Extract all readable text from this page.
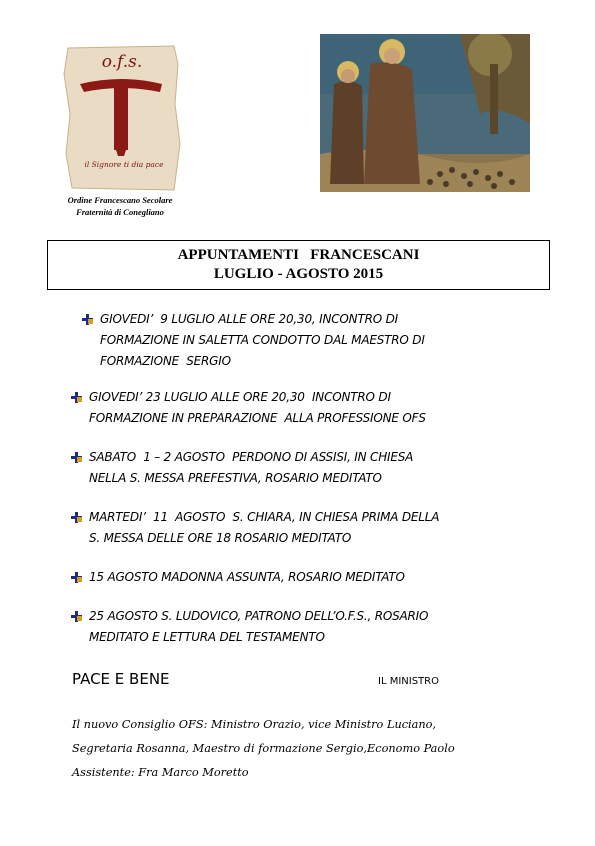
o.f.s.
il Signore ti dia pace
Ordine Francescano Secolare
Fraternità di Conegliano
APPUNTAMENTI   FRANCESCANI
LUGLIO - AGOSTO 2015
GIOVEDI’  9 LUGLIO ALLE ORE 20,30, INCONTRO DI
FORMAZIONE IN SALETTA CONDOTTO DAL MAESTRO DI
FORMAZIONE  SERGIO
GIOVEDI’ 23 LUGLIO ALLE ORE 20,30  INCONTRO DI
FORMAZIONE IN PREPARAZIONE  ALLA PROFESSIONE OFS
SABATO  1 – 2 AGOSTO  PERDONO DI ASSISI, IN CHIESA
NELLA S. MESSA PREFESTIVA, ROSARIO MEDITATO
MARTEDI’  11  AGOSTO  S. CHIARA, IN CHIESA PRIMA DELLA
S. MESSA DELLE ORE 18 ROSARIO MEDITATO
15 AGOSTO MADONNA ASSUNTA, ROSARIO MEDITATO
25 AGOSTO S. LUDOVICO, PATRONO DELL’O.F.S., ROSARIO
MEDITATO E LETTURA DEL TESTAMENTO
PACE E BENE	IL MINISTRO
Il nuovo Consiglio OFS: Ministro Orazio, vice Ministro Luciano,
Segretaria Rosanna, Maestro di formazione Sergio,Economo Paolo
Assistente: Fra Marco Moretto
